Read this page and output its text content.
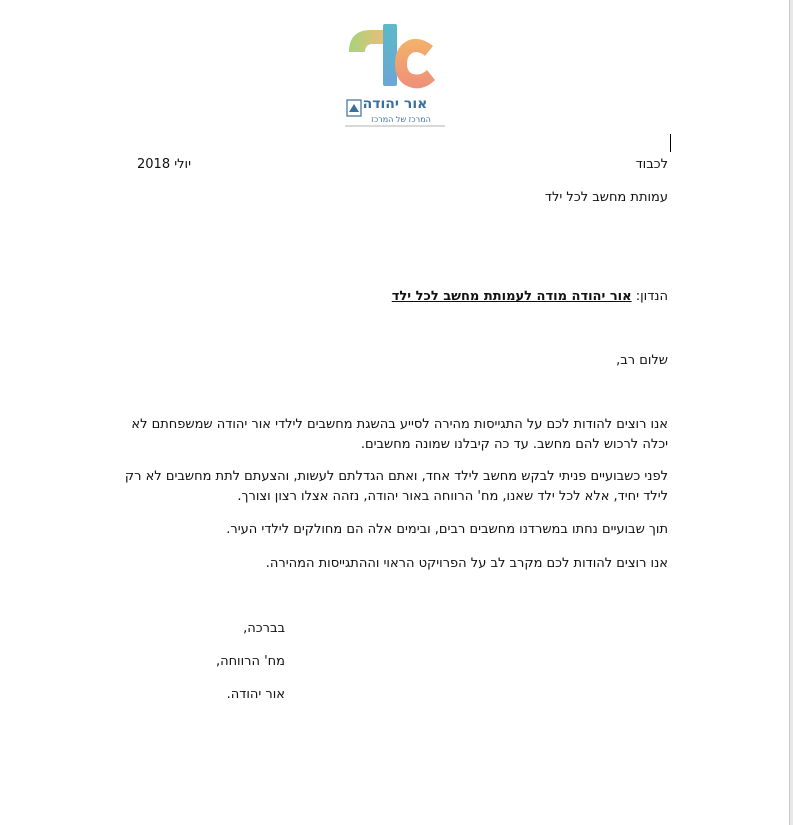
אור יהודה
המרכז של המרכז
לכבוד
יולי 2018
עמותת מחשב לכל ילד
הנדון: אור יהודה מודה לעמותת מחשב לכל ילד
שלום רב,
אנו רוצים להודות לכם על התגייסות מהירה לסייע בהשגת מחשבים לילדי אור יהודה שמשפחתם לא יכלה לרכוש להם מחשב. עד כה קיבלנו שמונה מחשבים.
לפני כשבועיים פניתי לבקש מחשב לילד אחד, ואתם הגדלתם לעשות, והצעתם לתת מחשבים לא רק לילד יחיד, אלא לכל ילד שאנו, מח' הרווחה באור יהודה, נזהה אצלו רצון וצורך.
תוך שבועיים נחתו במשרדנו מחשבים רבים, ובימים אלה הם מחולקים לילדי העיר.
אנו רוצים להודות לכם מקרב לב על הפרויקט הראוי וההתגייסות המהירה.
בברכה,
מח' הרווחה,
אור יהודה.
